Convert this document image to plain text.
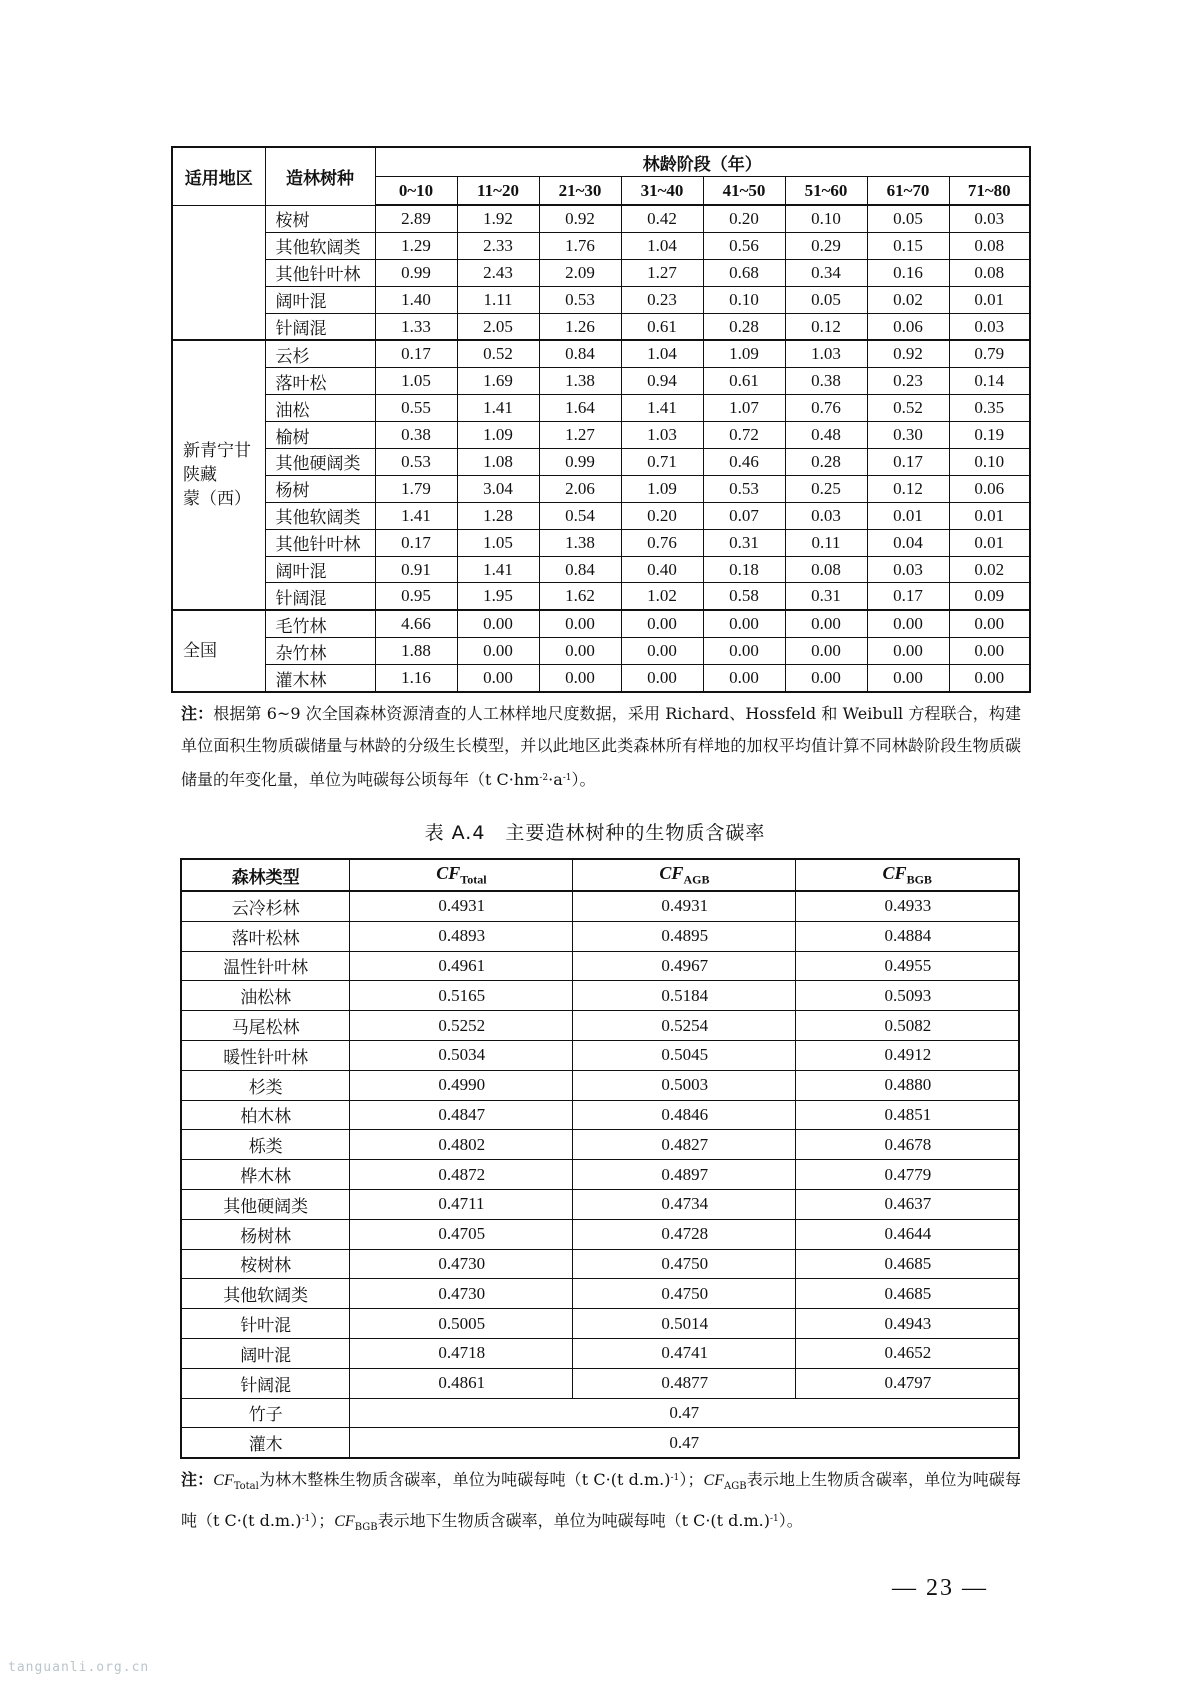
适用地区	造林树种	林龄阶段（年）							
		0~10	11~20	21~30	31~40	41~50	51~60	61~70	71~80
	桉树	2.89	1.92	0.92	0.42	0.20	0.10	0.05	0.03
	其他软阔类	1.29	2.33	1.76	1.04	0.56	0.29	0.15	0.08
	其他针叶林	0.99	2.43	2.09	1.27	0.68	0.34	0.16	0.08
	阔叶混	1.40	1.11	0.53	0.23	0.10	0.05	0.02	0.01
	针阔混	1.33	2.05	1.26	0.61	0.28	0.12	0.06	0.03

新青宁甘
陕藏
蒙（西）	云杉	0.17	0.52	0.84	1.04	1.09	1.03	0.92	0.79
	落叶松	1.05	1.69	1.38	0.94	0.61	0.38	0.23	0.14
	油松	0.55	1.41	1.64	1.41	1.07	0.76	0.52	0.35
	榆树	0.38	1.09	1.27	1.03	0.72	0.48	0.30	0.19
	其他硬阔类	0.53	1.08	0.99	0.71	0.46	0.28	0.17	0.10
	杨树	1.79	3.04	2.06	1.09	0.53	0.25	0.12	0.06
	其他软阔类	1.41	1.28	0.54	0.20	0.07	0.03	0.01	0.01
	其他针叶林	0.17	1.05	1.38	0.76	0.31	0.11	0.04	0.01
	阔叶混	0.91	1.41	0.84	0.40	0.18	0.08	0.03	0.02
	针阔混	0.95	1.95	1.62	1.02	0.58	0.31	0.17	0.09
全国	毛竹林	4.66	0.00	0.00	0.00	0.00	0.00	0.00	0.00
	杂竹林	1.88	0.00	0.00	0.00	0.00	0.00	0.00	0.00
	灌木林	1.16	0.00	0.00	0.00	0.00	0.00	0.00	0.00
注：根据第 6~9 次全国森林资源清查的人工林样地尺度数据，采用 Richard、Hossfeld 和 Weibull 方程联合，构建单位面积生物质碳储量与林龄的分级生长模型，并以此地区此类森林所有样地的加权平均值计算不同林龄阶段生物质碳储量的年变化量，单位为吨碳每公顷每年（t $C\cdot hm^{-2}\cdot a^{-1}$）。
表 A.4　主要造林树种的生物质含碳率
森林类型	$CF_{Total}$	$CF_{AGB}$	$CF_{BGB}$
云冷杉林	0.4931	0.4931	0.4933
落叶松林	0.4893	0.4895	0.4884
温性针叶林	0.4961	0.4967	0.4955
油松林	0.5165	0.5184	0.5093
马尾松林	0.5252	0.5254	0.5082
暖性针叶林	0.5034	0.5045	0.4912
杉类	0.4990	0.5003	0.4880
柏木林	0.4847	0.4846	0.4851
栎类	0.4802	0.4827	0.4678
桦木林	0.4872	0.4897	0.4779
其他硬阔类	0.4711	0.4734	0.4637
杨树林	0.4705	0.4728	0.4644
桉树林	0.4730	0.4750	0.4685
其他软阔类	0.4730	0.4750	0.4685
针叶混	0.5005	0.5014	0.4943
阔叶混	0.4718	0.4741	0.4652
针阔混	0.4861	0.4877	0.4797
竹子	0.47		
灌木	0.47		
注：$CF_{Total}$为林木整株生物质含碳率，单位为吨碳每吨（t C·(t d.m.)$^{-1}$）；$CF_{AGB}$表示地上生物质含碳率，单位为吨碳每吨（t C·(t d.m.)$^{-1}$）；$CF_{BGB}$表示地下生物质含碳率，单位为吨碳每吨（t C·(t d.m.)$^{-1}$）。
— 23 —
tanguanli.org.cn
